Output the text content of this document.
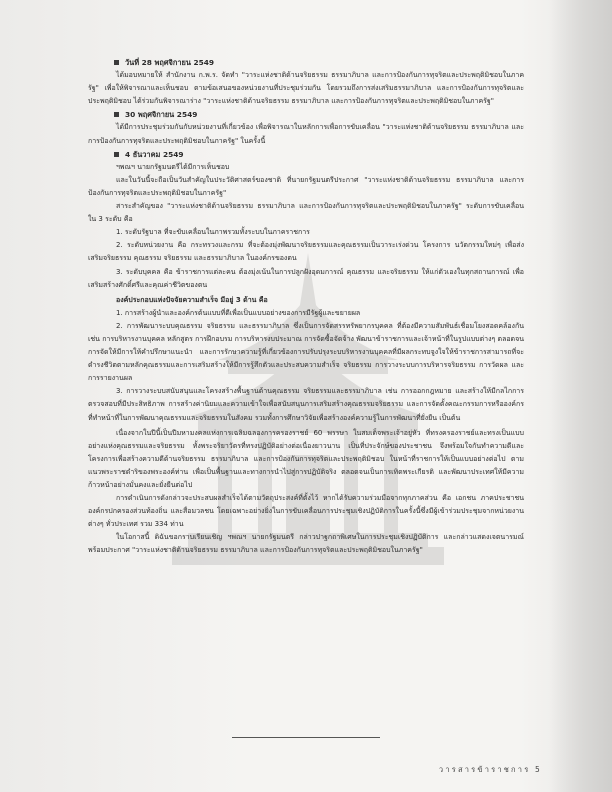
วันที่ 28 พฤศจิกายน 2549

ได้มอบหมายให้ สำนักงาน ก.พ.ร. จัดทำ "วาระแห่งชาติด้านจริยธรรม ธรรมาภิบาล และการป้องกันการทุจริตและประพฤติมิชอบในภาครัฐ" เพื่อให้พิจารณาและเห็นชอบ ตามข้อเสนอของหน่วยงานที่ประชุมร่วมกัน โดยรวมถึงการส่งเสริมธรรมาภิบาล และการป้องกันการทุจริตและประพฤติมิชอบ ได้ร่วมกันพิจารณาร่าง "วาระแห่งชาติด้านจริยธรรม ธรรมาภิบาล และการป้องกันการทุจริตและประพฤติมิชอบในภาครัฐ"

30 พฤศจิกายน 2549

ได้มีการประชุมร่วมกันกับหน่วยงานที่เกี่ยวข้อง เพื่อพิจารณาในหลักการเพื่อการขับเคลื่อน "วาระแห่งชาติด้านจริยธรรม ธรรมาภิบาล และการป้องกันการทุจริตและประพฤติมิชอบในภาครัฐ" ในครั้งนี้

4 ธันวาคม 2549

ฯพณฯ นายกรัฐมนตรีได้มีการเห็นชอบ

และในวันนี้จะถือเป็นวันสำคัญในประวัติศาสตร์ของชาติ ที่นายกรัฐมนตรีประกาศ "วาระแห่งชาติด้านจริยธรรม ธรรมาภิบาล และการป้องกันการทุจริตและประพฤติมิชอบในภาครัฐ"

สาระสำคัญของ "วาระแห่งชาติด้านจริยธรรม ธรรมาภิบาล และการป้องกันการทุจริตและประพฤติมิชอบในภาครัฐ" ระดับการขับเคลื่อนใน 3 ระดับ คือ

1. ระดับรัฐบาล ที่จะขับเคลื่อนในภาพรวมทั้งระบบในภาคราชการ

2. ระดับหน่วยงาน คือ กระทรวงและกรม ที่จะต้องมุ่งพัฒนาจริยธรรมและคุณธรรมเป็นวาระเร่งด่วน โครงการ นวัตกรรมใหม่ๆ เพื่อส่งเสริมจริยธรรม คุณธรรม จริยธรรม และธรรมาภิบาล ในองค์กรของตน

3. ระดับบุคคล คือ ข้าราชการแต่ละคน ต้องมุ่งเน้นในการปลูกฝังอุดมการณ์ คุณธรรม และจริยธรรม ให้แก่ตัวเองในทุกสถานการณ์ เพื่อเสริมสร้างศักดิ์ศรีและคุณค่าชีวิตของตน

องค์ประกอบแห่งปัจจัยความสำเร็จ มีอยู่ 3 ด้าน คือ

1. การสร้างผู้นำและองค์กรต้นแบบที่ดีเพื่อเป็นแบบอย่างของการมีรัฐผู้และขยายผล

2. การพัฒนาระบบคุณธรรม จริยธรรม และธรรมาภิบาล ซึ่งเป็นการจัดสรรทรัพยากรบุคคล ที่ต้องมีความสัมพันธ์เชื่อมโยงสอดคล้องกัน เช่น การบริหารงานบุคคล หลักสูตร การฝึกอบรม การบริหารงบประมาณ การจัดซื้อจัดจ้าง พัฒนาข้าราชการและเจ้าหน้าที่ในรูปแบบต่างๆ ตลอดจนการจัดให้มีการให้คำปรึกษาแนะนำ และการรักษาความรู้ที่เกี่ยวข้องการปรับปรุงระบบริหารงานบุคคลที่มีผลกระทบจูงใจให้ข้าราชการสามารถที่จะดำรงชีวิตตามหลักคุณธรรมและการเสริมสร้างให้มีการรู้สึกตัวและประสบความสำเร็จ จริยธรรม การวางระบบการบริหารจริยธรรม การวัดผล และการรายงานผล

3. การวางระบบสนับสนุนและโครงสร้างพื้นฐานด้านคุณธรรม จริยธรรมและธรรมาภิบาล เช่น การออกกฎหมาย และสร้างให้มีกลไกการตรวจสอบที่มีประสิทธิภาพ การสร้างค่านิยมและความเข้าใจเพื่อสนับสนุนการเสริมสร้างคุณธรรมจริยธรรม และการจัดตั้งคณะกรรมการหรือองค์กรที่ทำหน้าที่ในการพัฒนาคุณธรรมและจริยธรรมในสังคม รวมทั้งการศึกษาวิจัยเพื่อสร้างองค์ความรู้ในการพัฒนาที่ยั่งยืน เป็นต้น

เนื่องจากในปีนี้เป็นปีมหามงคลแห่งการเฉลิมฉลองการครองราชย์ 60 พรรษา ในสมเด็จพระเจ้าอยู่หัว ที่ทรงครองราชย์และทรงเป็นแบบอย่างแห่งคุณธรรมและจริยธรรม ทั้งพระจริยาวัตรที่ทรงปฏิบัติอย่างต่อเนื่องยาวนาน เป็นที่ประจักษ์ของประชาชน จึงพร้อมใจกันทำความดีและโครงการเพื่อสร้างความดีด้านจริยธรรม ธรรมาภิบาล และการป้องกันการทุจริตและประพฤติมิชอบ ในหน้าที่ราชการให้เป็นแบบอย่างต่อไป ตามแนวพระราชดำริของพระองค์ท่าน เพื่อเป็นพื้นฐานและทางการนำไปสู่การปฏิบัติจริง ตลอดจนเป็นการเทิดพระเกียรติ และพัฒนาประเทศให้มีความก้าวหน้าอย่างมั่นคงและยั่งยืนต่อไป

การดำเนินการดังกล่าวจะประสบผลสำเร็จได้ตามวัตถุประสงค์ที่ตั้งไว้ หากได้รับความร่วมมือจากทุกภาคส่วน คือ เอกชน ภาคประชาชน องค์กรปกครองส่วนท้องถิ่น และสื่อมวลชน โดยเฉพาะอย่างยิ่งในการขับเคลื่อนการประชุมเชิงปฏิบัติการในครั้งนี้ซึ่งมีผู้เข้าร่วมประชุมจากหน่วยงานต่างๆ ทั่วประเทศ รวม 334 ท่าน

ในโอกาสนี้ ดิฉันขอกราบเรียนเชิญ ฯพณฯ นายกรัฐมนตรี กล่าวปาฐกถาพิเศษในการประชุมเชิงปฏิบัติการ และกล่าวแสดงเจตนารมณ์ พร้อมประกาศ "วาระแห่งชาติด้านจริยธรรม ธรรมาภิบาล และการป้องกันการทุจริตและประพฤติมิชอบในภาครัฐ"

วารสารข้าราชการ 5
